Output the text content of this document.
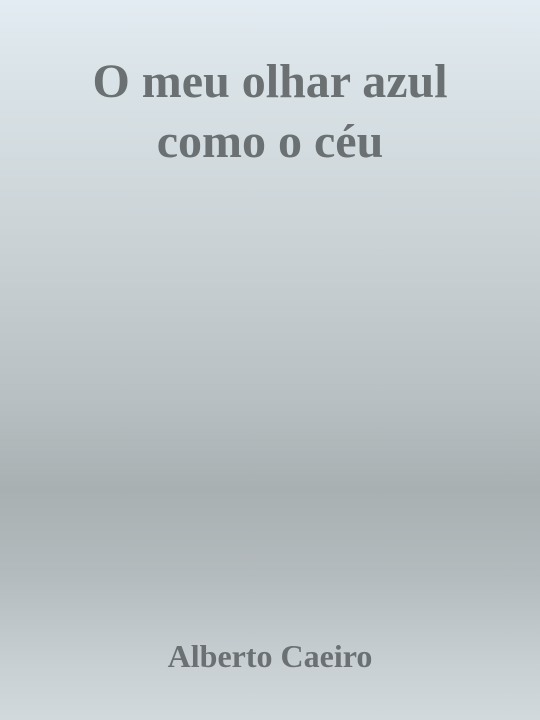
O meu olhar azul
como o céu

Alberto Caeiro
